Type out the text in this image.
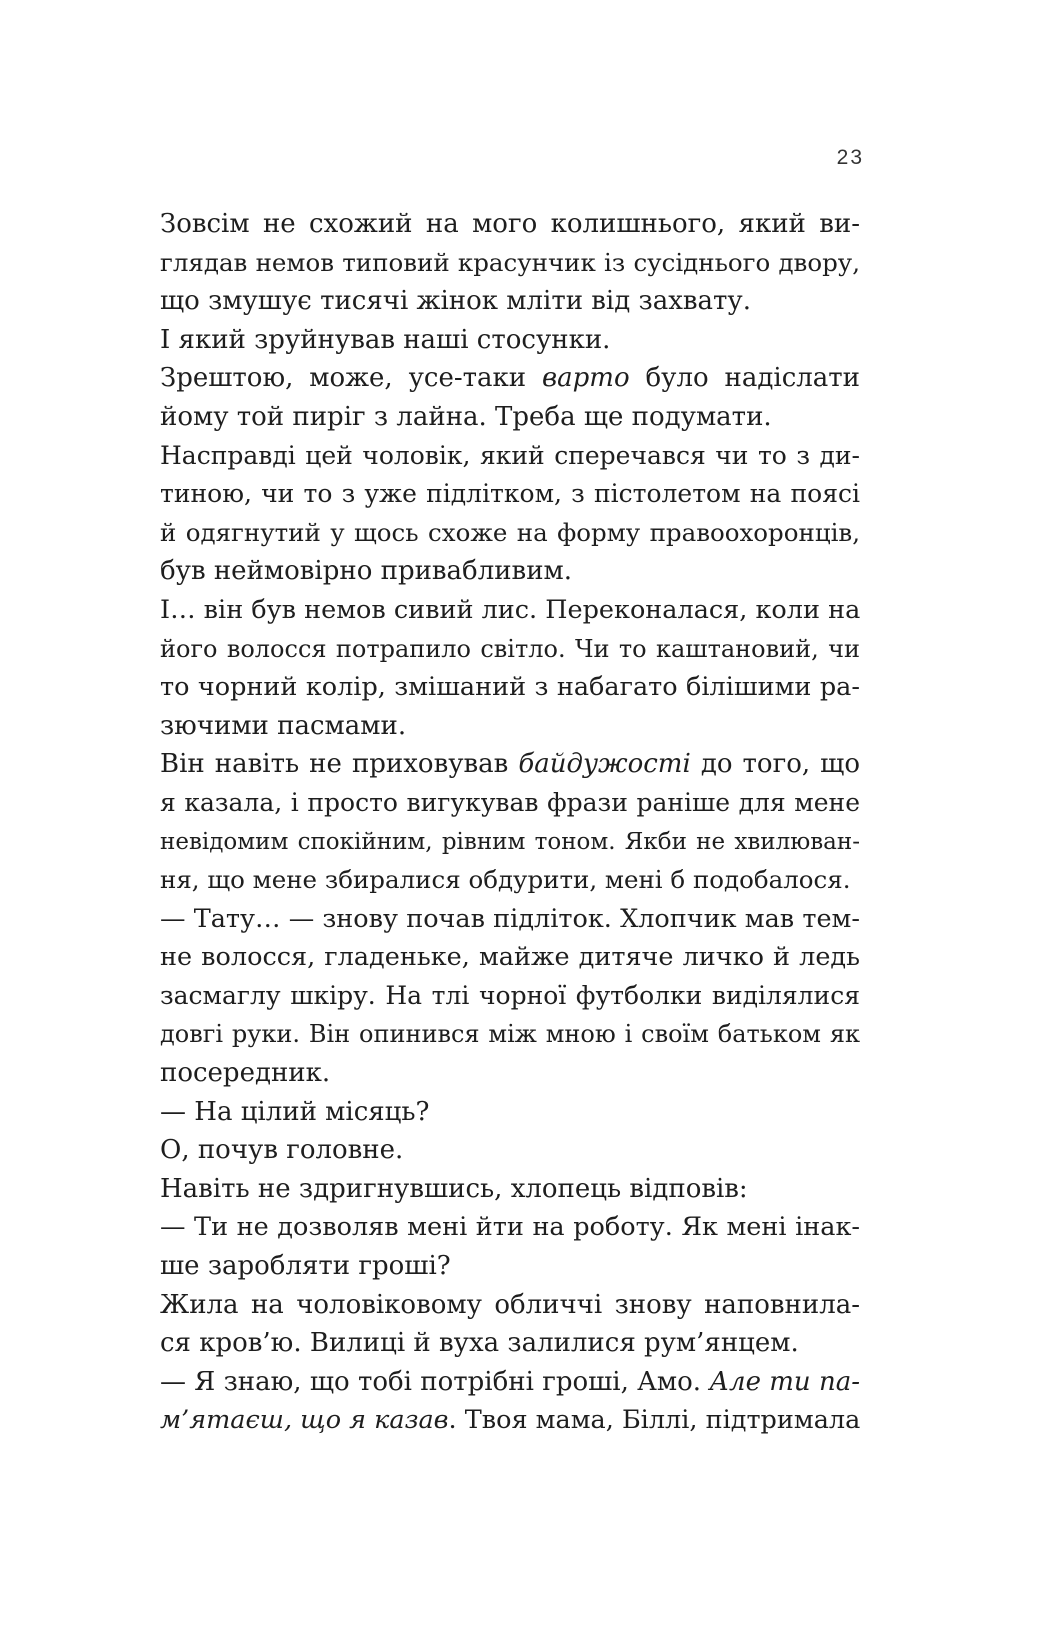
23
Зовсім не схожий на мого колишнього, який ви-
глядав немов типовий красунчик із сусіднього двору,
що змушує тисячі жінок мліти від захвату.
І який зруйнував наші стосунки.
Зрештою, може, усе-таки варто було надіслати
йому той пиріг з лайна. Треба ще подумати.
Насправді цей чоловік, який сперечався чи то з ди-
тиною, чи то з уже підлітком, з пістолетом на поясі
й одягнутий у щось схоже на форму правоохоронців,
був неймовірно привабливим.
І… він був немов сивий лис. Переконалася, коли на
його волосся потрапило світло. Чи то каштановий, чи
то чорний колір, змішаний з набагато білішими ра-
зючими пасмами.
Він навіть не приховував байдужості до того, що
я казала, і просто вигукував фрази раніше для мене
невідомим спокійним, рівним тоном. Якби не хвилюван-
ня, що мене збиралися обдурити, мені б подобалося.
— Тату… — знову почав підліток. Хлопчик мав тем-
не волосся, гладеньке, майже дитяче личко й ледь
засмаглу шкіру. На тлі чорної футболки виділялися
довгі руки. Він опинився між мною і своїм батьком як
посередник.
— На цілий місяць?
О, почув головне.
Навіть не здригнувшись, хлопець відповів:
— Ти не дозволяв мені йти на роботу. Як мені інак-
ше заробляти гроші?
Жила на чоловіковому обличчі знову наповнила-
ся кров’ю. Вилиці й вуха залилися рум’янцем.
— Я знаю, що тобі потрібні гроші, Амо. Але ти па-
м’ятаєш, що я казав. Твоя мама, Біллі, підтримала
